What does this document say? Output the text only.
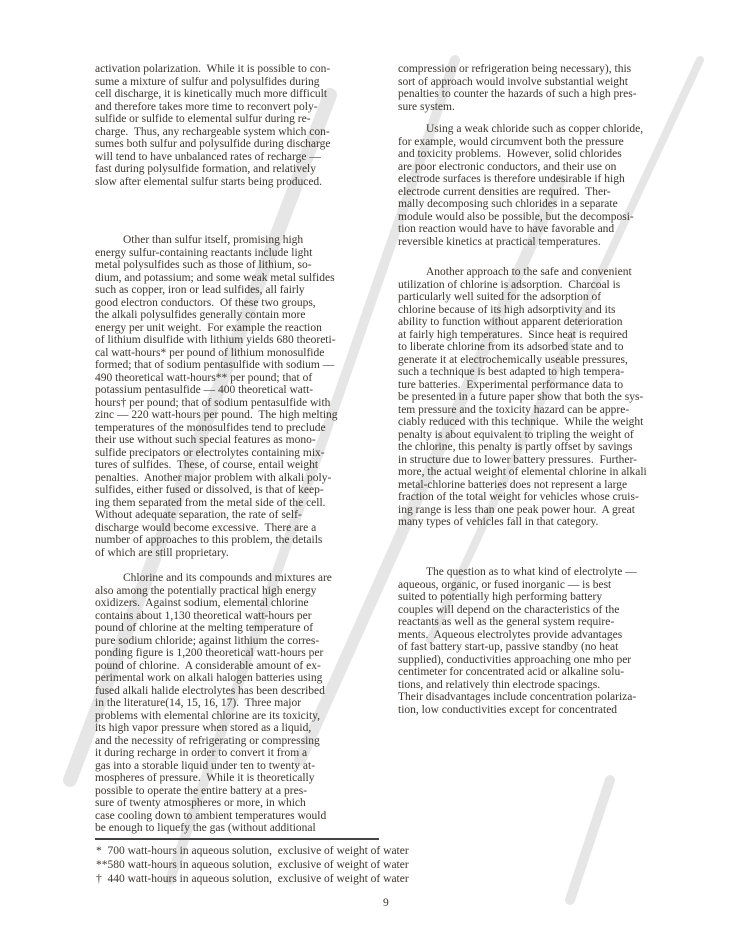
activation polarization.  While it is possible to con-
sume a mixture of sulfur and polysulfides during
cell discharge, it is kinetically much more difficult
and therefore takes more time to reconvert poly-
sulfide or sulfide to elemental sulfur during re-
charge.  Thus, any rechargeable system which con-
sumes both sulfur and polysulfide during discharge
will tend to have unbalanced rates of recharge —
fast during polysulfide formation, and relatively
slow after elemental sulfur starts being produced.
Other than sulfur itself, promising high
energy sulfur-containing reactants include light
metal polysulfides such as those of lithium, so-
dium, and potassium; and some weak metal sulfides
such as copper, iron or lead sulfides, all fairly
good electron conductors.  Of these two groups,
the alkali polysulfides generally contain more
energy per unit weight.  For example the reaction
of lithium disulfide with lithium yields 680 theoreti-
cal watt-hours* per pound of lithium monosulfide
formed; that of sodium pentasulfide with sodium —
490 theoretical watt-hours** per pound; that of
potassium pentasulfide — 400 theoretical watt-
hours† per pound; that of sodium pentasulfide with
zinc — 220 watt-hours per pound.  The high melting
temperatures of the monosulfides tend to preclude
their use without such special features as mono-
sulfide precipators or electrolytes containing mix-
tures of sulfides.  These, of course, entail weight
penalties.  Another major problem with alkali poly-
sulfides, either fused or dissolved, is that of keep-
ing them separated from the metal side of the cell.
Without adequate separation, the rate of self-
discharge would become excessive.  There are a
number of approaches to this problem, the details
of which are still proprietary.
Chlorine and its compounds and mixtures are
also among the potentially practical high energy
oxidizers.  Against sodium, elemental chlorine
contains about 1,130 theoretical watt-hours per
pound of chlorine at the melting temperature of
pure sodium chloride; against lithium the corres-
ponding figure is 1,200 theoretical watt-hours per
pound of chlorine.  A considerable amount of ex-
perimental work on alkali halogen batteries using
fused alkali halide electrolytes has been described
in the literature(14, 15, 16, 17).  Three major
problems with elemental chlorine are its toxicity,
its high vapor pressure when stored as a liquid,
and the necessity of refrigerating or compressing
it during recharge in order to convert it from a
gas into a storable liquid under ten to twenty at-
mospheres of pressure.  While it is theoretically
possible to operate the entire battery at a pres-
sure of twenty atmospheres or more, in which
case cooling down to ambient temperatures would
be enough to liquefy the gas (without additional
compression or refrigeration being necessary), this
sort of approach would involve substantial weight
penalties to counter the hazards of such a high pres-
sure system.
Using a weak chloride such as copper chloride,
for example, would circumvent both the pressure
and toxicity problems.  However, solid chlorides
are poor electronic conductors, and their use on
electrode surfaces is therefore undesirable if high
electrode current densities are required.  Ther-
mally decomposing such chlorides in a separate
module would also be possible, but the decomposi-
tion reaction would have to have favorable and
reversible kinetics at practical temperatures.
Another approach to the safe and convenient
utilization of chlorine is adsorption.  Charcoal is
particularly well suited for the adsorption of
chlorine because of its high adsorptivity and its
ability to function without apparent deterioration
at fairly high temperatures.  Since heat is required
to liberate chlorine from its adsorbed state and to
generate it at electrochemically useable pressures,
such a technique is best adapted to high tempera-
ture batteries.  Experimental performance data to
be presented in a future paper show that both the sys-
tem pressure and the toxicity hazard can be appre-
ciably reduced with this technique.  While the weight
penalty is about equivalent to tripling the weight of
the chlorine, this penalty is partly offset by savings
in structure due to lower battery pressures.  Further-
more, the actual weight of elemental chlorine in alkali
metal-chlorine batteries does not represent a large
fraction of the total weight for vehicles whose cruis-
ing range is less than one peak power hour.  A great
many types of vehicles fall in that category.
The question as to what kind of electrolyte —
aqueous, organic, or fused inorganic — is best
suited to potentially high performing battery
couples will depend on the characteristics of the
reactants as well as the general system require-
ments.  Aqueous electrolytes provide advantages
of fast battery start-up, passive standby (no heat
supplied), conductivities approaching one mho per
centimeter for concentrated acid or alkaline solu-
tions, and relatively thin electrode spacings.
Their disadvantages include concentration polariza-
tion, low conductivities except for concentrated
*  700 watt-hours in aqueous solution,  exclusive of weight of water
**580 watt-hours in aqueous solution,  exclusive of weight of water
†  440 watt-hours in aqueous solution,  exclusive of weight of water
9
